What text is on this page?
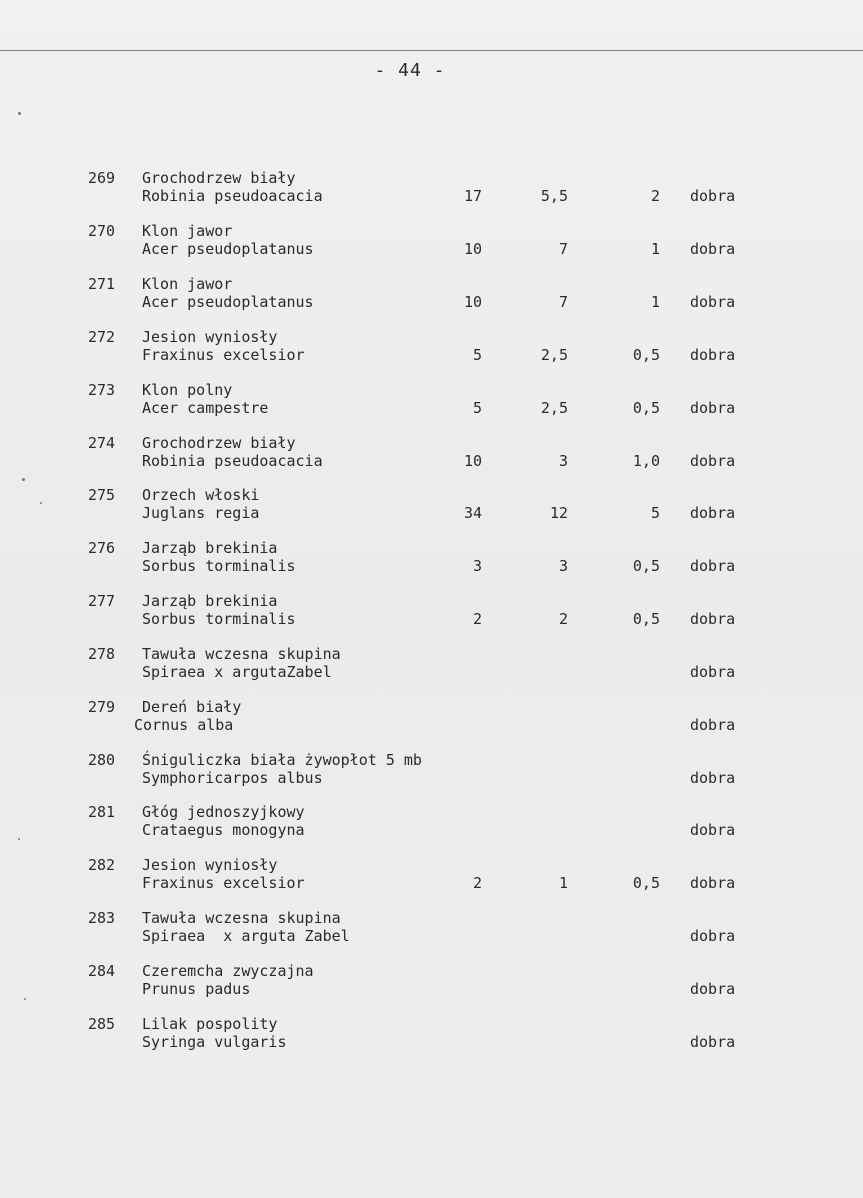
- 44 -
269	Grochodrzew biały
Robinia pseudoacacia	17	5,5	2 dobra
270	Klon jawor
Acer pseudoplatanus	10	7	1 dobra
271	Klon jawor
Acer pseudoplatanus	10	7	1 dobra
272	Jesion wyniosły
Fraxinus excelsior	5	2,5	0,5 dobra
273	Klon polny
Acer campestre	5	2,5	0,5 dobra
274	Grochodrzew biały
Robinia pseudoacacia	10	3	1,0 dobra
275	Orzech włoski
Juglans regia	34	12	5 dobra
276	Jarząb brekinia
Sorbus torminalis	3	3	0,5 dobra
277	Jarząb brekinia
Sorbus torminalis	2	2	0,5 dobra
278	Tawuła wczesna skupina
Spiraea x argutaZabel	dobra
279	Dereń biały
Cornus alba	dobra
280	Śniguliczka biała żywopłot 5 mb
Symphoricarpos albus	dobra
281	Głóg jednoszyjkowy
Crataegus monogyna	dobra
282	Jesion wyniosły
Fraxinus excelsior	2	1	0,5 dobra
283	Tawuła wczesna skupina
Spiraea  x arguta Zabel	dobra
284	Czeremcha zwyczajna
Prunus padus	dobra
285	Lilak pospolity
Syringa vulgaris	dobra
